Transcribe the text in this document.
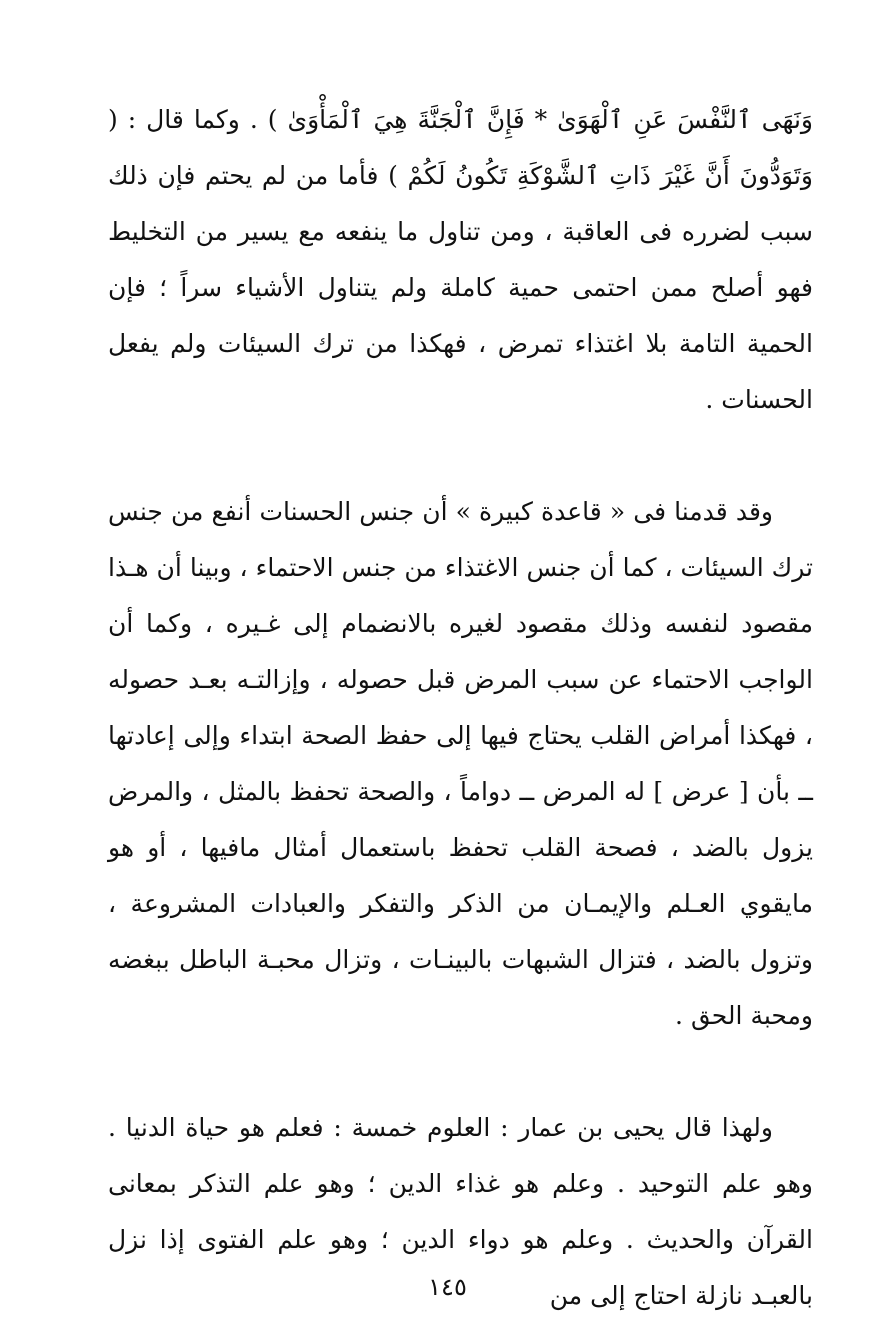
وَنَهَى ٱلنَّفْسَ عَنِ ٱلْهَوَىٰ * فَإِنَّ ٱلْجَنَّةَ هِيَ ٱلْمَأْوَىٰ ) . وكما قال : ( وَتَوَدُّونَ أَنَّ غَيْرَ ذَاتِ ٱلشَّوْكَةِ تَكُونُ لَكُمْ ) فأما من لم يحتم فإن ذلك سبب لضرره فى العاقبة ، ومن تناول ما ينفعه مع يسير من التخليط فهو أصلح ممن احتمى حمية كاملة ولم يتناول الأشياء سراً ؛ فإن الحمية التامة بلا اغتذاء تمرض ، فهكذا من ترك السيئات ولم يفعل الحسنات .

وقد قدمنا فى « قاعدة كبيرة » أن جنس الحسنات أنفع من جنس ترك السيئات ، كما أن جنس الاغتذاء من جنس الاحتماء ، وبينا أن هـذا مقصود لنفسه وذلك مقصود لغيره بالانضمام إلى غـيره ، وكما أن الواجب الاحتماء عن سبب المرض قبل حصوله ، وإزالتـه بعـد حصوله ، فهكذا أمراض القلب يحتاج فيها إلى حفظ الصحة ابتداء وإلى إعادتها ــ بأن [ عرض ] له المرض ــ دواماً ، والصحة تحفظ بالمثل ، والمرض يزول بالضد ، فصحة القلب تحفظ باستعمال أمثال مافيها ، أو هو مايقوي العـلم والإيمـان من الذكر والتفكر والعبادات المشروعة ، وتزول بالضد ، فتزال الشبهات بالبينـات ، وتزال محبـة الباطل ببغضه ومحبة الحق .

ولهذا قال يحيى بن عمار : العلوم خمسة : فعلم هو حياة الدنيا . وهو علم التوحيد . وعلم هو غذاء الدين ؛ وهو علم التذكر بمعانى القرآن والحديث . وعلم هو دواء الدين ؛ وهو علم الفتوى إذا نزل بالعبـد نازلة احتاج إلى من

١٤٥
